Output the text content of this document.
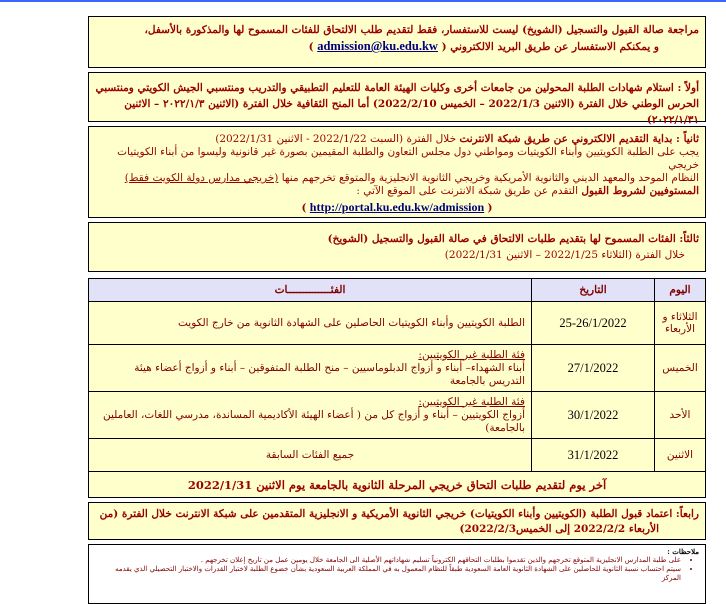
مراجعة صالة القبول والتسجيل (الشويخ) ليست للاستفسار، فقط لتقديم طلب الالتحاق للفئات المسموح لها والمذكورة بالأسفل،
و يمكنكم الاستفسار عن طريق البريد الالكتروني ( admission@ku.edu.kw )
أولاً : استلام شهادات الطلبة المحولين من جامعات أخرى وكليات الهيئة العامة للتعليم التطبيقي والتدريب ومنتسبي الجيش الكويتي ومنتسبي
الحرس الوطني خلال الفترة (الاثنين 2022/1/3 – الخميس 2022/2/10) أما المنح الثقافية خلال الفترة (الاثنين ٢٠٢٢/١/٣ – الاثنين ٢٠٢٢/١/٣١)
ثانياً : بداية التقديم الالكتروني عن طريق شبكة الانترنت خلال الفترة (السبت 2022/1/22 - الاثنين 2022/1/31)
يجب على الطلبة الكويتيين وأبناء الكويتيات ومواطني دول مجلس التعاون والطلبة المقيمين بصورة غير قانونية وليسوا من أبناء الكويتيات خريجي
النظام الموحد والمعهد الديني والثانوية الأمريكية وخريجي الثانوية الانجليزية والمتوقع تخرجهم منها (خريجي مدارس دولة الكويت فقط)
المستوفيين لشروط القبول التقدم عن طريق شبكة الانترنت على الموقع الآتي :
( http://portal.ku.edu.kw/admission )
ثالثاً: الفئات المسموح لها بتقديم طلبات الالتحاق في صالة القبول والتسجيل (الشويخ)
خلال الفترة (الثلاثاء 2022/1/25 – الاثنين 2022/1/31)
اليوم	التاريخ	الفئــــــــــــــات
الثلاثاء و الأربعاء	25-26/1/2022	الطلبة الكويتيين وأبناء الكويتيات الحاصلين على الشهادة الثانوية من خارج الكويت

الخميس	27/1/2022	فئة الطلبة غير الكويتيين:
أبناء الشهداء– أبناء و أزواج الدبلوماسيين – منح الطلبة المتفوقين – أبناء و أزواج أعضاء هيئة التدريس بالجامعة

الأحد	30/1/2022	فئة الطلبة غير الكويتيين:
أزواج الكويتيين – أبناء و أزواج كل من ( أعضاء الهيئة الأكاديمية المساندة، مدرسي اللغات، العاملين بالجامعة)

الاثنين	31/1/2022	جميع الفئات السابقة
آخر يوم لتقديم طلبات التحاق خريجي المرحلة الثانوية بالجامعة يوم الاثنين 2022/1/31
رابعاً: اعتماد قبول الطلبة (الكويتيين وأبناء الكويتيات) خريجي الثانوية الأمريكية و الانجليزية المتقدمين على شبكة الانترنت خلال الفترة (من
الأربعاء 2022/2/2 إلى الخميس2022/2/3)
ملاحظات :
• على طلبة المدارس الانجليزية المتوقع تخرجهم والذين تقدموا بطلبات التحاقهم الكترونياً تسليم شهاداتهم الأصلية الى الجامعة خلال يومين عمل من تاريخ إعلان تخرجهم .
• سيتم احتساب نسبة الثانوية للحاصلين على الشهادة الثانوية العامة السعودية طبقاً للنظام المعمول به في المملكة العربية السعودية بشأن خضوع الطلبة لاختبار القدرات والاختبار التحصيلي الذي يقدمه المركز
